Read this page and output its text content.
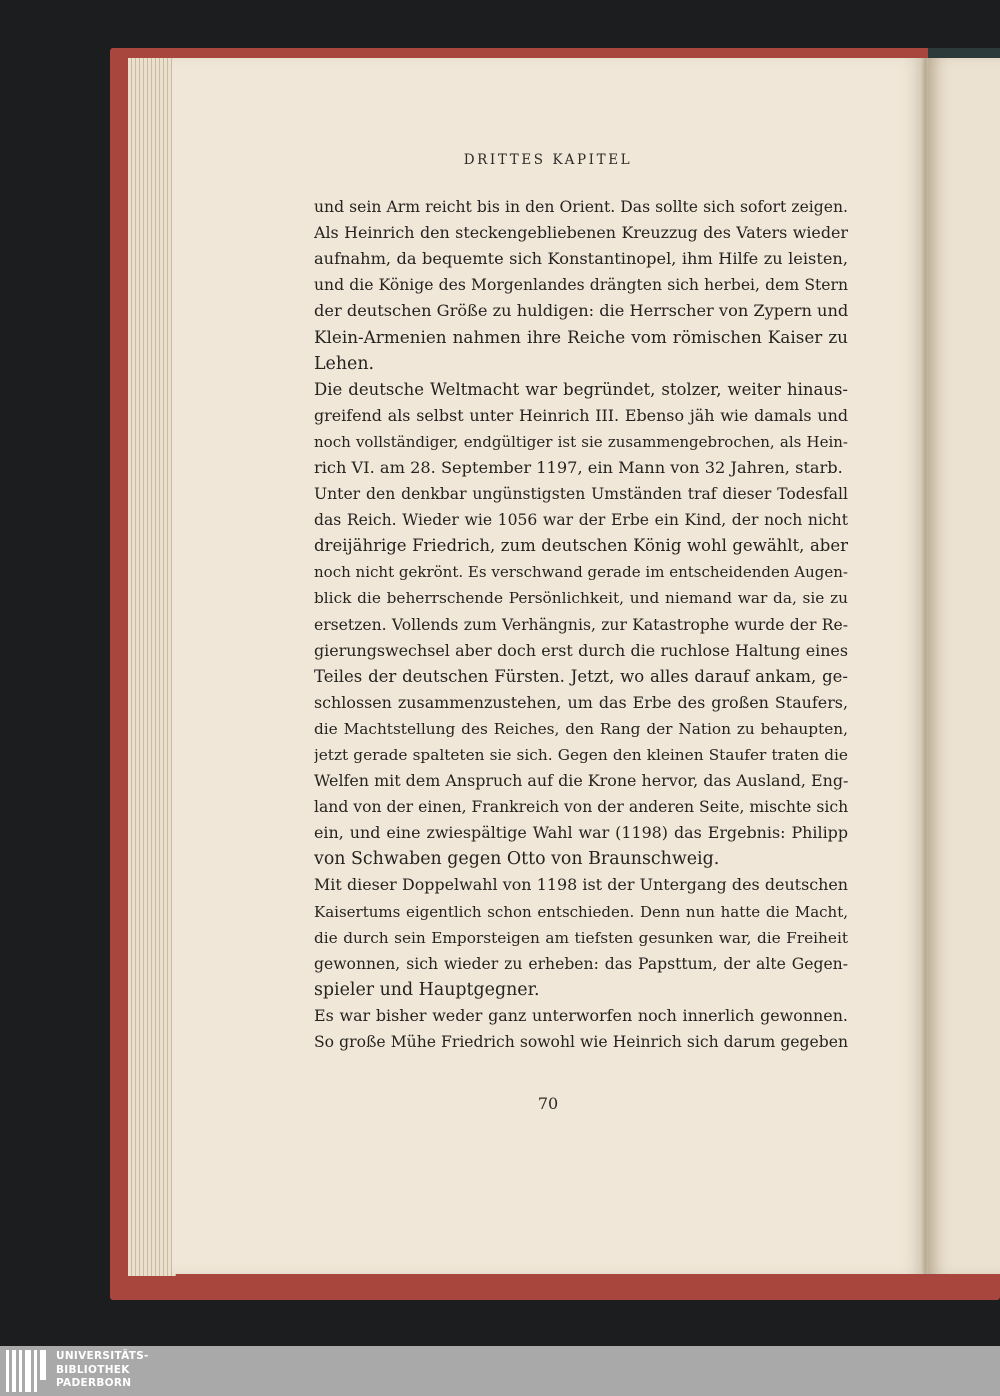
DRITTES KAPITEL
und sein Arm reicht bis in den Orient. Das sollte sich sofort zeigen.
Als Heinrich den steckengebliebenen Kreuzzug des Vaters wieder
aufnahm, da bequemte sich Konstantinopel, ihm Hilfe zu leisten,
und die Könige des Morgenlandes drängten sich herbei, dem Stern
der deutschen Größe zu huldigen: die Herrscher von Zypern und
Klein-Armenien nahmen ihre Reiche vom römischen Kaiser zu
Lehen.
Die deutsche Weltmacht war begründet, stolzer, weiter hinaus-
greifend als selbst unter Heinrich III. Ebenso jäh wie damals und
noch vollständiger, endgültiger ist sie zusammengebrochen, als Hein-
rich VI. am 28. September 1197, ein Mann von 32 Jahren, starb.
Unter den denkbar ungünstigsten Umständen traf dieser Todesfall
das Reich. Wieder wie 1056 war der Erbe ein Kind, der noch nicht
dreijährige Friedrich, zum deutschen König wohl gewählt, aber
noch nicht gekrönt. Es verschwand gerade im entscheidenden Augen-
blick die beherrschende Persönlichkeit, und niemand war da, sie zu
ersetzen. Vollends zum Verhängnis, zur Katastrophe wurde der Re-
gierungswechsel aber doch erst durch die ruchlose Haltung eines
Teiles der deutschen Fürsten. Jetzt, wo alles darauf ankam, ge-
schlossen zusammenzustehen, um das Erbe des großen Staufers,
die Machtstellung des Reiches, den Rang der Nation zu behaupten,
jetzt gerade spalteten sie sich. Gegen den kleinen Staufer traten die
Welfen mit dem Anspruch auf die Krone hervor, das Ausland, Eng-
land von der einen, Frankreich von der anderen Seite, mischte sich
ein, und eine zwiespältige Wahl war (1198) das Ergebnis: Philipp
von Schwaben gegen Otto von Braunschweig.
Mit dieser Doppelwahl von 1198 ist der Untergang des deutschen
Kaisertums eigentlich schon entschieden. Denn nun hatte die Macht,
die durch sein Emporsteigen am tiefsten gesunken war, die Freiheit
gewonnen, sich wieder zu erheben: das Papsttum, der alte Gegen-
spieler und Hauptgegner.
Es war bisher weder ganz unterworfen noch innerlich gewonnen.
So große Mühe Friedrich sowohl wie Heinrich sich darum gegeben
70
UNIVERSITÄTS-
BIBLIOTHEK
PADERBORN
